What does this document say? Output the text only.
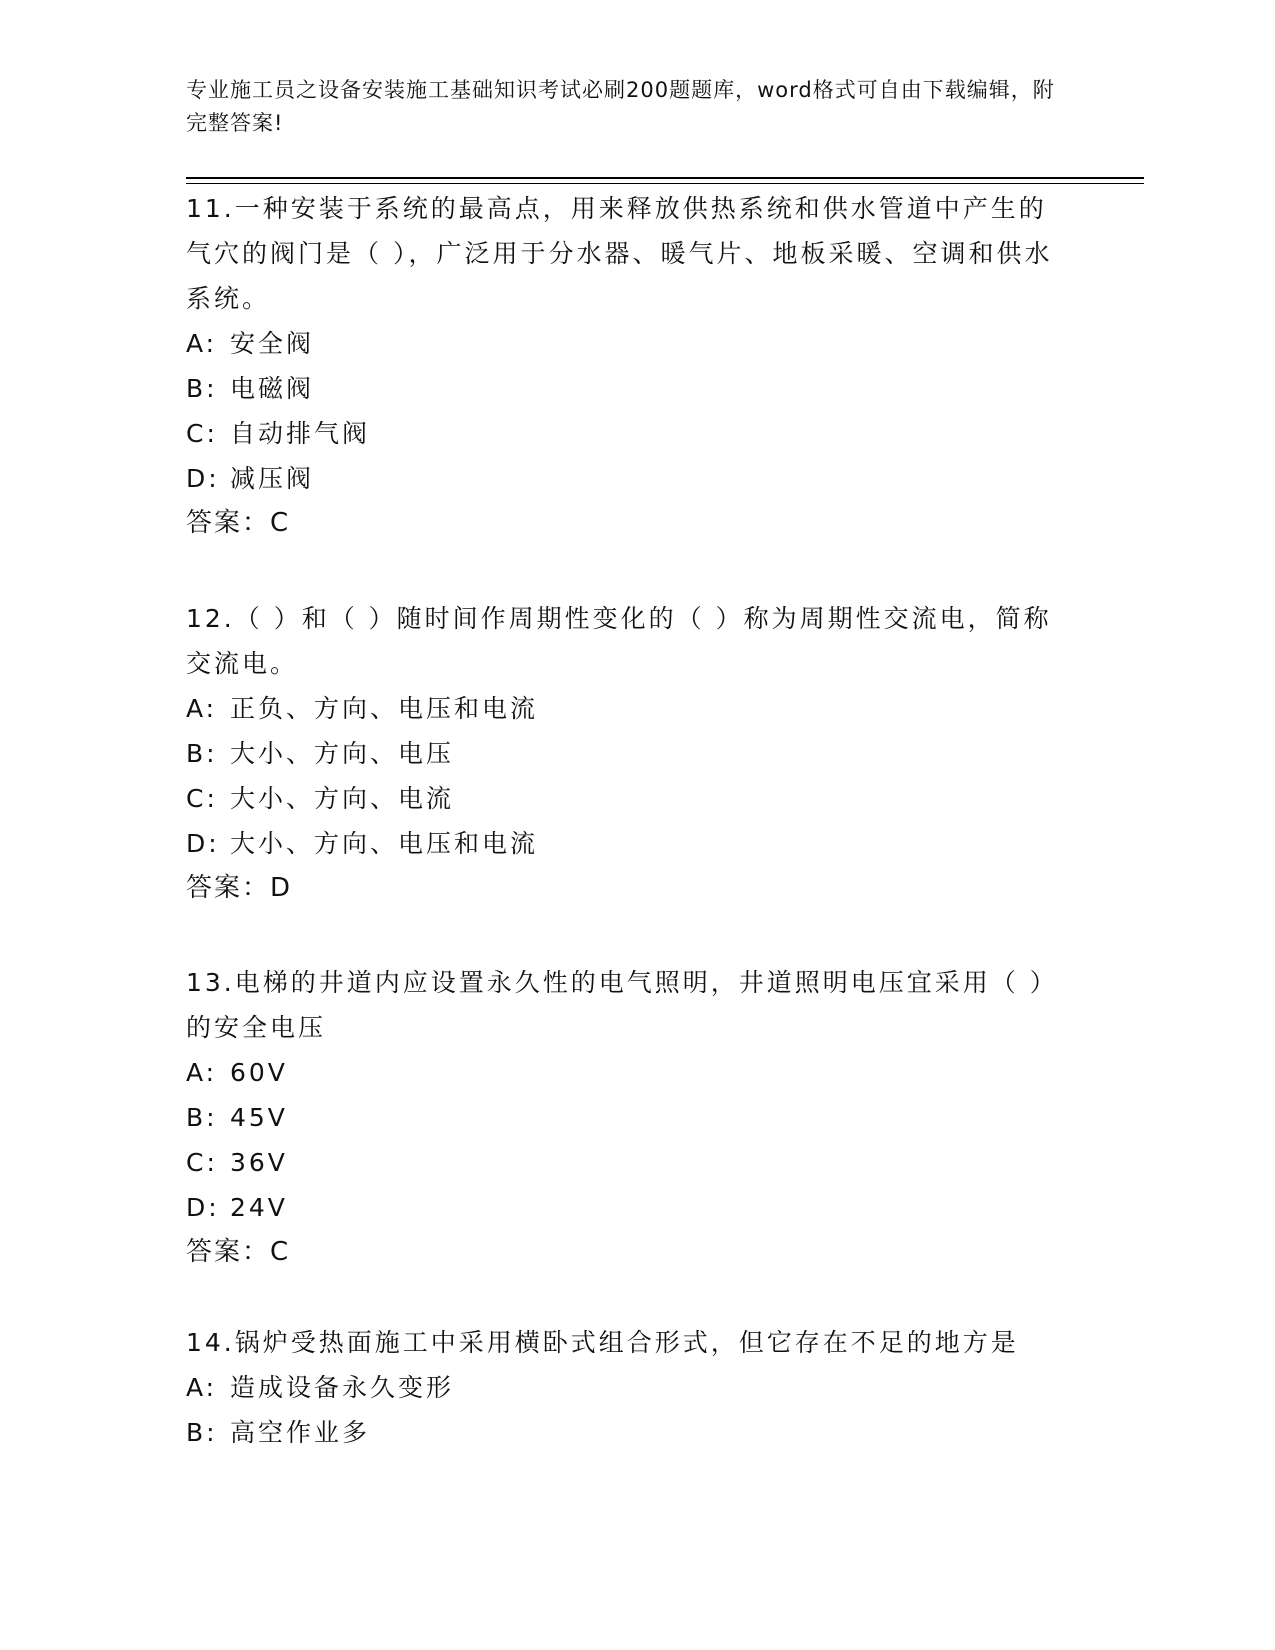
专业施工员之设备安装施工基础知识考试必刷200题题库，word格式可自由下载编辑，附完整答案!

11.一种安装于系统的最高点，用来释放供热系统和供水管道中产生的气穴的阀门是（ ），广泛用于分水器、暖气片、地板采暖、空调和供水系统。

A: 安全阀

B: 电磁阀

C: 自动排气阀

D: 减压阀

答案：C

12.（ ）和（ ）随时间作周期性变化的（ ）称为周期性交流电，简称交流电。

A: 正负、方向、电压和电流

B: 大小、方向、电压

C: 大小、方向、电流

D: 大小、方向、电压和电流

答案：D

13.电梯的井道内应设置永久性的电气照明，井道照明电压宜采用（ ）的安全电压

A: 60V

B: 45V

C: 36V

D: 24V

答案：C

14.锅炉受热面施工中采用横卧式组合形式，但它存在不足的地方是

A: 造成设备永久变形

B: 高空作业多
